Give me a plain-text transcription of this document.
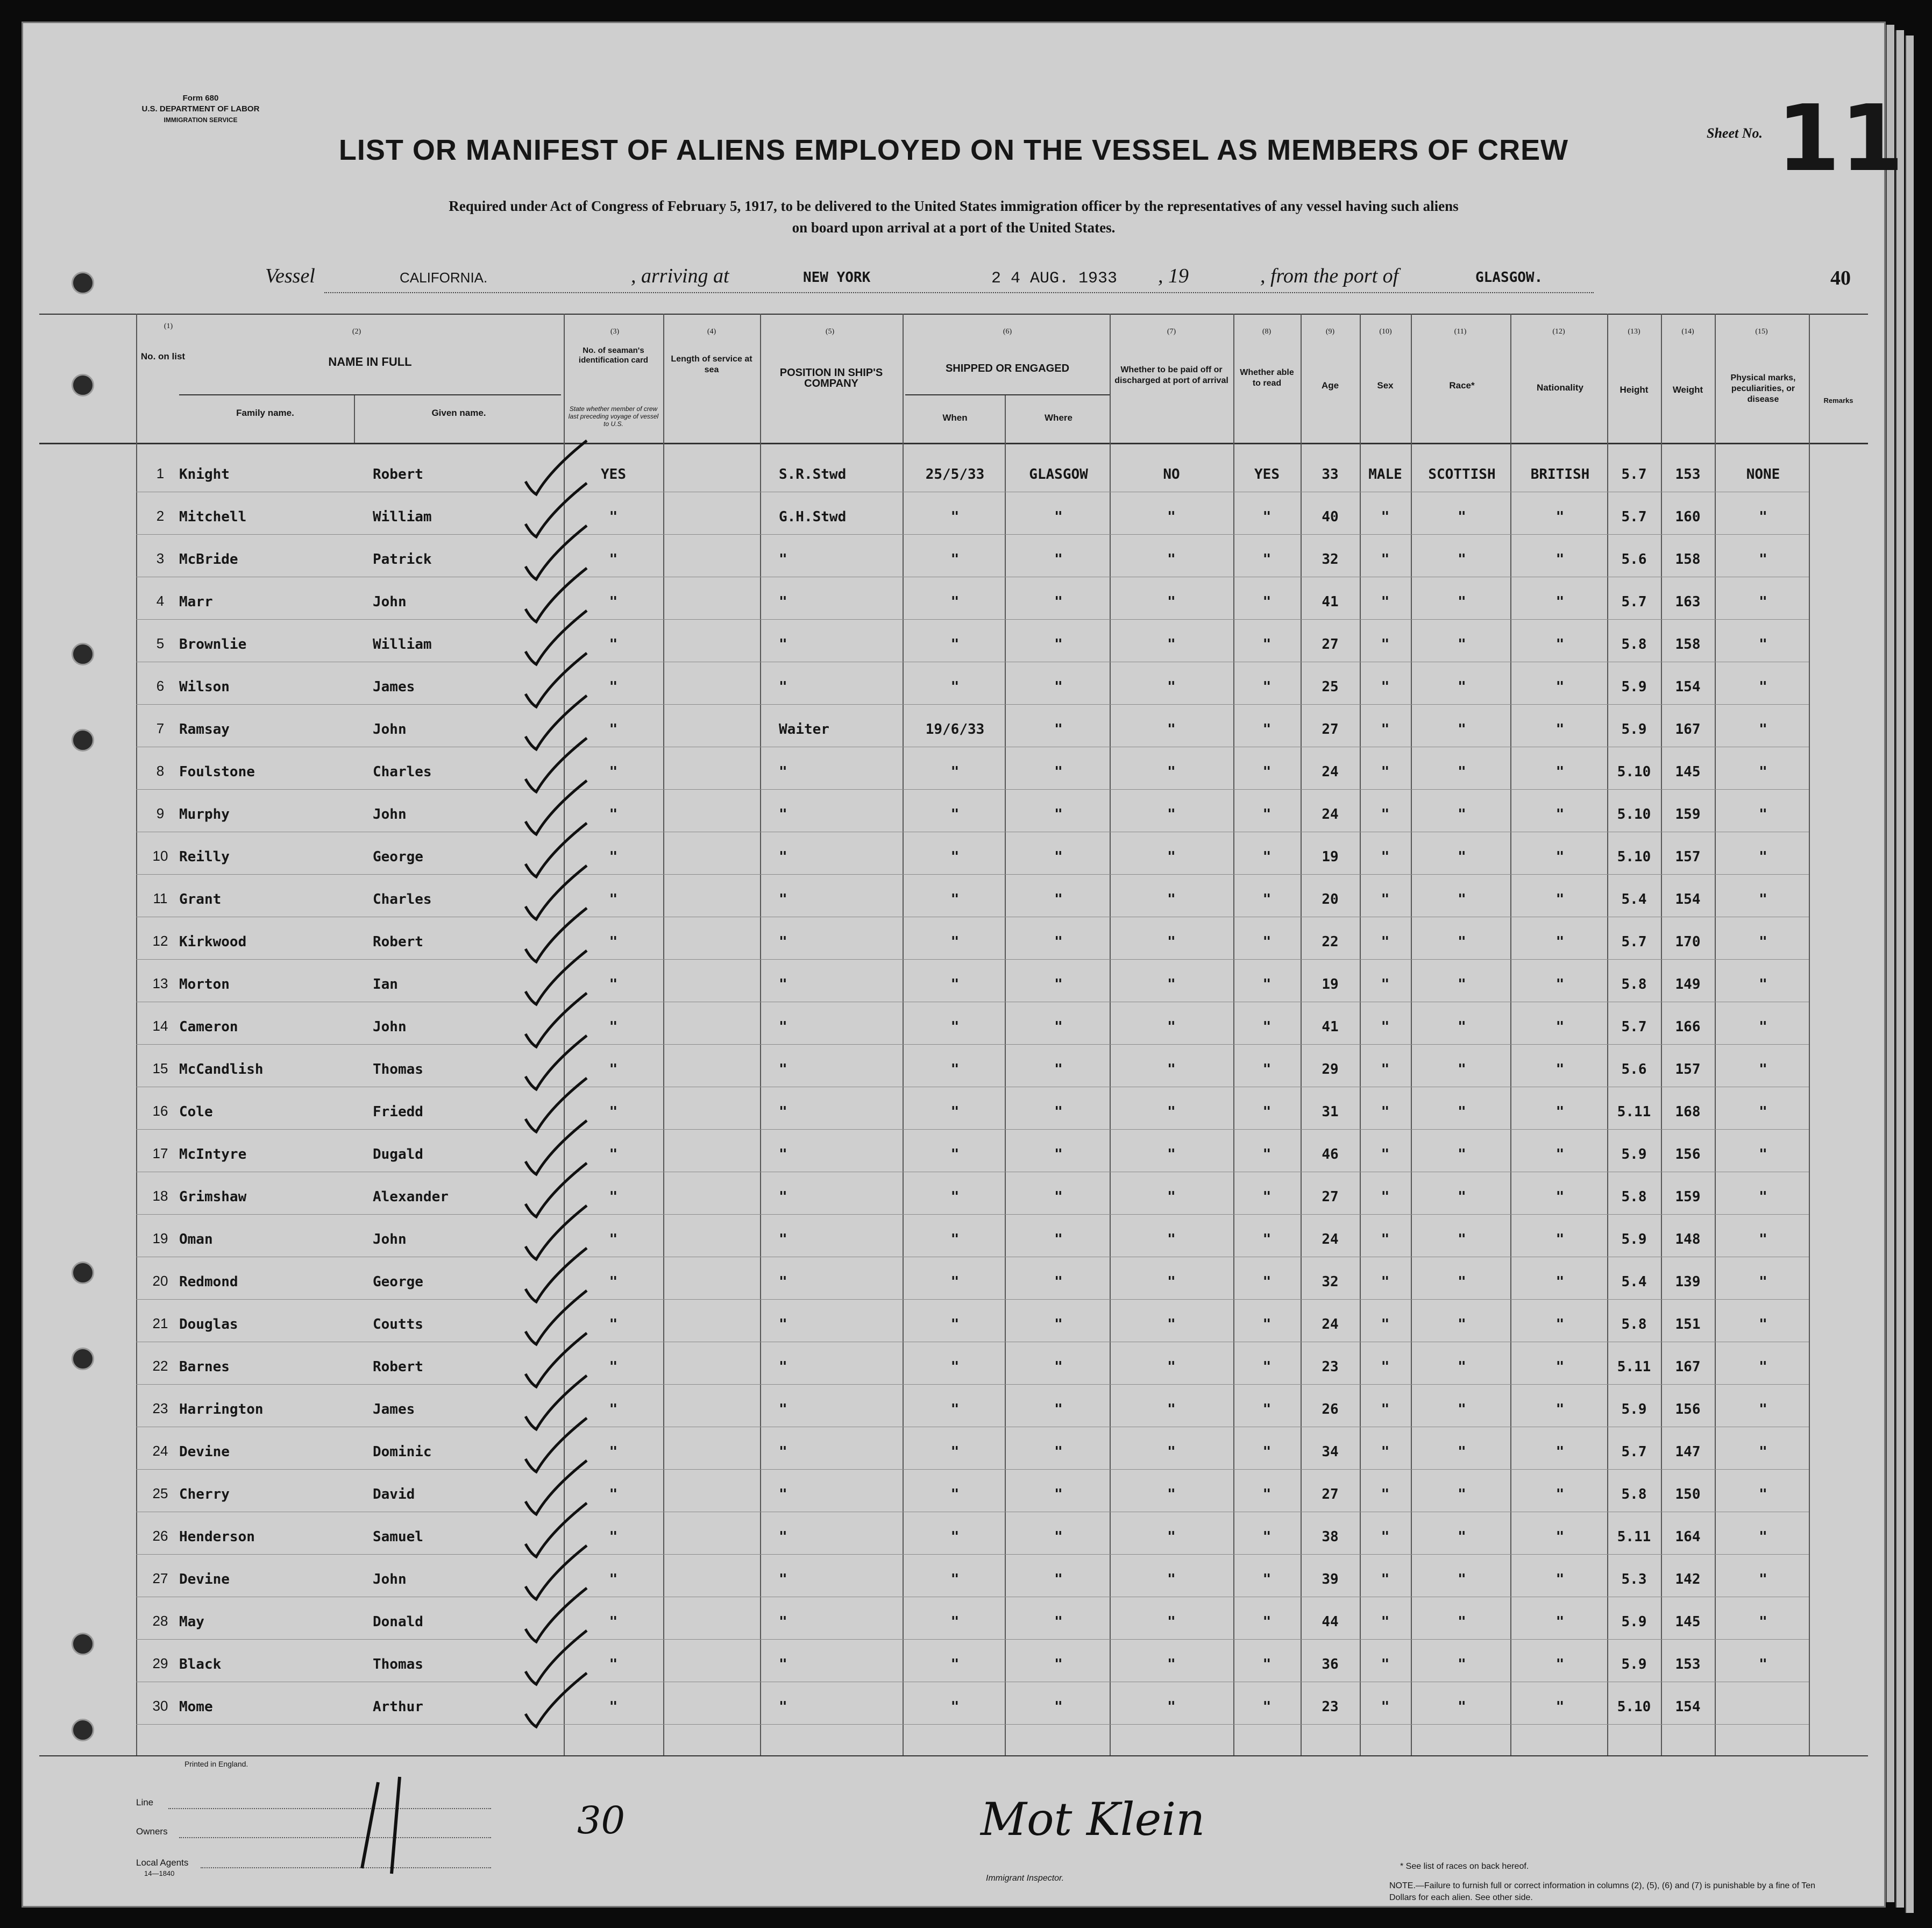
Form 680
U.S. DEPARTMENT OF LABOR
IMMIGRATION SERVICE
Sheet No. 11
LIST OR MANIFEST OF ALIENS EMPLOYED ON THE VESSEL AS MEMBERS OF CREW
Required under Act of Congress of February 5, 1917, to be delivered to the United States immigration officer by the representatives of any vessel having such aliens
on board upon arrival at a port of the United States.
Vessel	CALIFORNIA.	, arriving at	NEW YORK	2 4 AUG. 1933 , 19	, from the port of	GLASGOW.	40
(1)
(2)	(3)	(4)	(5)	(6)	(7)	(8)	(9)	(10)	(11)	(12)	(13)	(14)	(15)
No. on list	NAME IN FULL
Family name.	Given name.
No. of seaman's identification card
State whether member of crew last preceding voyage of vessel to U.S.
Length of service at sea	POSITION IN SHIP'S COMPANY
SHIPPED OR ENGAGED
When	Where
Whether to be paid off or discharged at port of arrival
Whether able to read	Age	Sex	Race*	Nationality	Height	Weight
Physical marks, peculiarities, or disease	Remarks
1	Knight	Robert	YES	S.R.Stwd	25/5/33	GLASGOW	NO	YES	33	MALE	SCOTTISH	BRITISH	5.7	153	NONE
2	Mitchell	William	"	G.H.Stwd	"	"	"	"	40	"	"	"	5.7	160	"
3	McBride	Patrick	"	"	"	"	"	"	32	"	"	"	5.6	158	"
4	Marr	John	"	"	"	"	"	"	41	"	"	"	5.7	163	"
5	Brownlie	William	"	"	"	"	"	"	27	"	"	"	5.8	158	"
6	Wilson	James	"	"	"	"	"	"	25	"	"	"	5.9	154	"
7	Ramsay	John	"	Waiter	19/6/33	"	"	"	27	"	"	"	5.9	167	"
8	Foulstone	Charles	"	"	"	"	"	"	24	"	"	"	5.10	145	"
9	Murphy	John	"	"	"	"	"	"	24	"	"	"	5.10	159	"
10 Reilly	George	"	"	"	"	"	"	19	"	"	"	5.10	157	"
11 Grant	Charles	"	"	"	"	"	"	20	"	"	"	5.4	154	"
12 Kirkwood	Robert	"	"	"	"	"	"	22	"	"	"	5.7	170	"
13 Morton	Ian	"	"	"	"	"	"	19	"	"	"	5.8	149	"
14 Cameron	John	"	"	"	"	"	"	41	"	"	"	5.7	166	"
15 McCandlish	Thomas	"	"	"	"	"	"	29	"	"	"	5.6	157	"
16 Cole	Friedd	"	"	"	"	"	"	31	"	"	"	5.11	168	"
17 McIntyre	Dugald	"	"	"	"	"	"	46	"	"	"	5.9	156	"
18 Grimshaw	Alexander	"	"	"	"	"	"	27	"	"	"	5.8	159	"
19 Oman	John	"	"	"	"	"	"	24	"	"	"	5.9	148	"
20 Redmond	George	"	"	"	"	"	"	32	"	"	"	5.4	139	"
21 Douglas	Coutts	"	"	"	"	"	"	24	"	"	"	5.8	151	"
22 Barnes	Robert	"	"	"	"	"	"	23	"	"	"	5.11	167	"
23 Harrington	James	"	"	"	"	"	"	26	"	"	"	5.9	156	"
24 Devine	Dominic	"	"	"	"	"	"	34	"	"	"	5.7	147	"
25 Cherry	David	"	"	"	"	"	"	27	"	"	"	5.8	150	"
26 Henderson	Samuel	"	"	"	"	"	"	38	"	"	"	5.11	164	"
27 Devine	John	"	"	"	"	"	"	39	"	"	"	5.3	142	"
28 May	Donald	"	"	"	"	"	"	44	"	"	"	5.9	145	"
29 Black	Thomas	"	"	"	"	"	"	36	"	"	"	5.9	153	"
30 Mome	Arthur	"	"	"	"	"	"	23	"	"	"	5.10	154
Printed in England.
Line
Owners
Local Agents
14—1840
Immigrant Inspector.
* See list of races on back hereof.
NOTE.—Failure to furnish full or correct information in columns (2), (5), (6) and (7) is punishable by a fine of Ten Dollars for each alien. See other side.
30	Mot Klein
